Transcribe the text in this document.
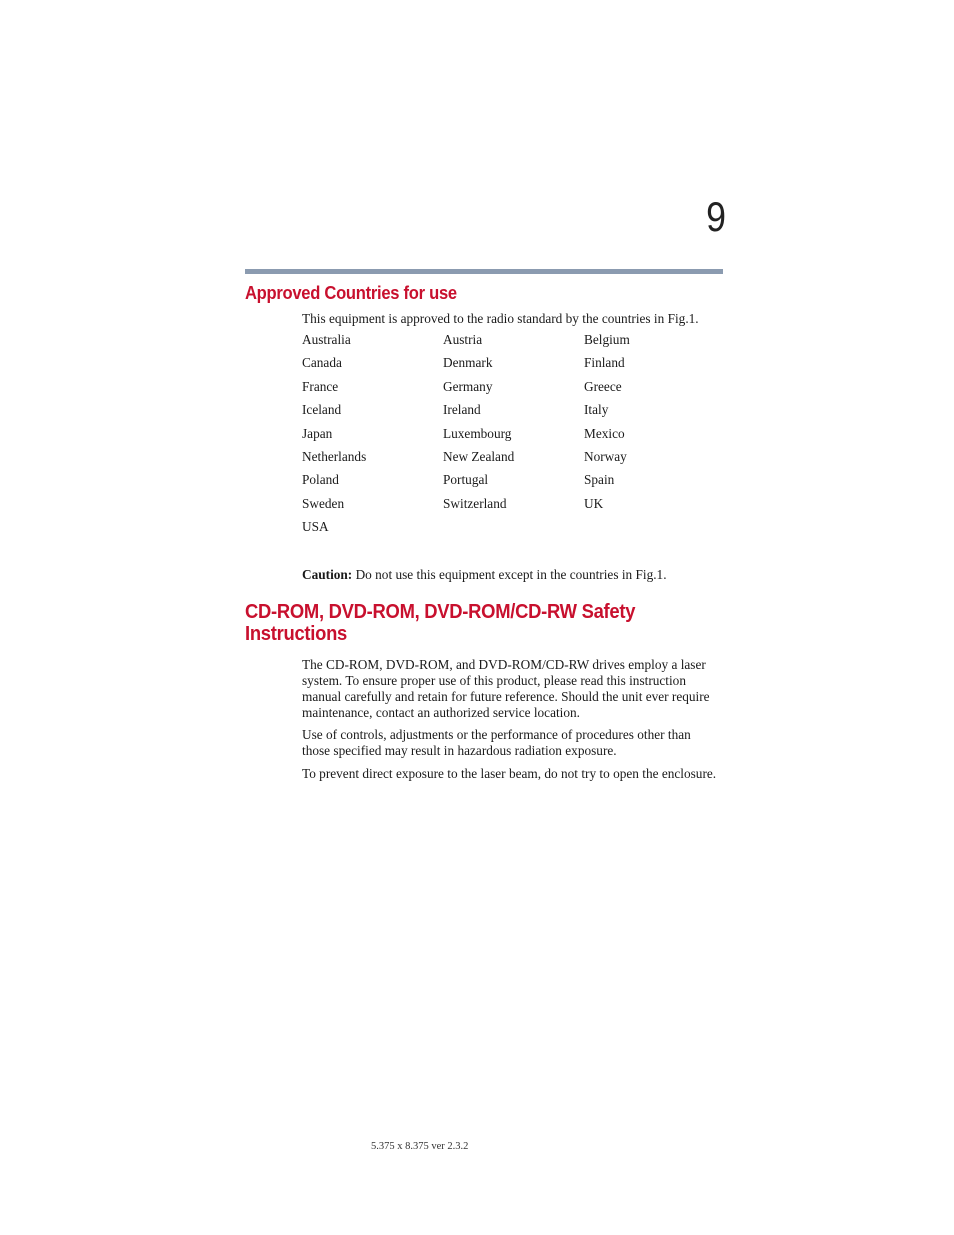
9
Approved Countries for use

This equipment is approved to the radio standard by the countries in Fig.1.

Australia	Austria	Belgium
Canada	Denmark	Finland
France	Germany	Greece
Iceland	Ireland	Italy
Japan	Luxembourg	Mexico
Netherlands	New Zealand	Norway
Poland	Portugal	Spain
Sweden	Switzerland	UK
USA

Caution: Do not use this equipment except in the countries in Fig.1.

CD-ROM, DVD-ROM, DVD-ROM/CD-RW Safety Instructions

The CD-ROM, DVD-ROM, and DVD-ROM/CD-RW drives employ a laser system. To ensure proper use of this product, please read this instruction manual carefully and retain for future reference. Should the unit ever require maintenance, contact an authorized service location.

Use of controls, adjustments or the performance of procedures other than those specified may result in hazardous radiation exposure.

To prevent direct exposure to the laser beam, do not try to open the enclosure.

5.375 x 8.375 ver 2.3.2
